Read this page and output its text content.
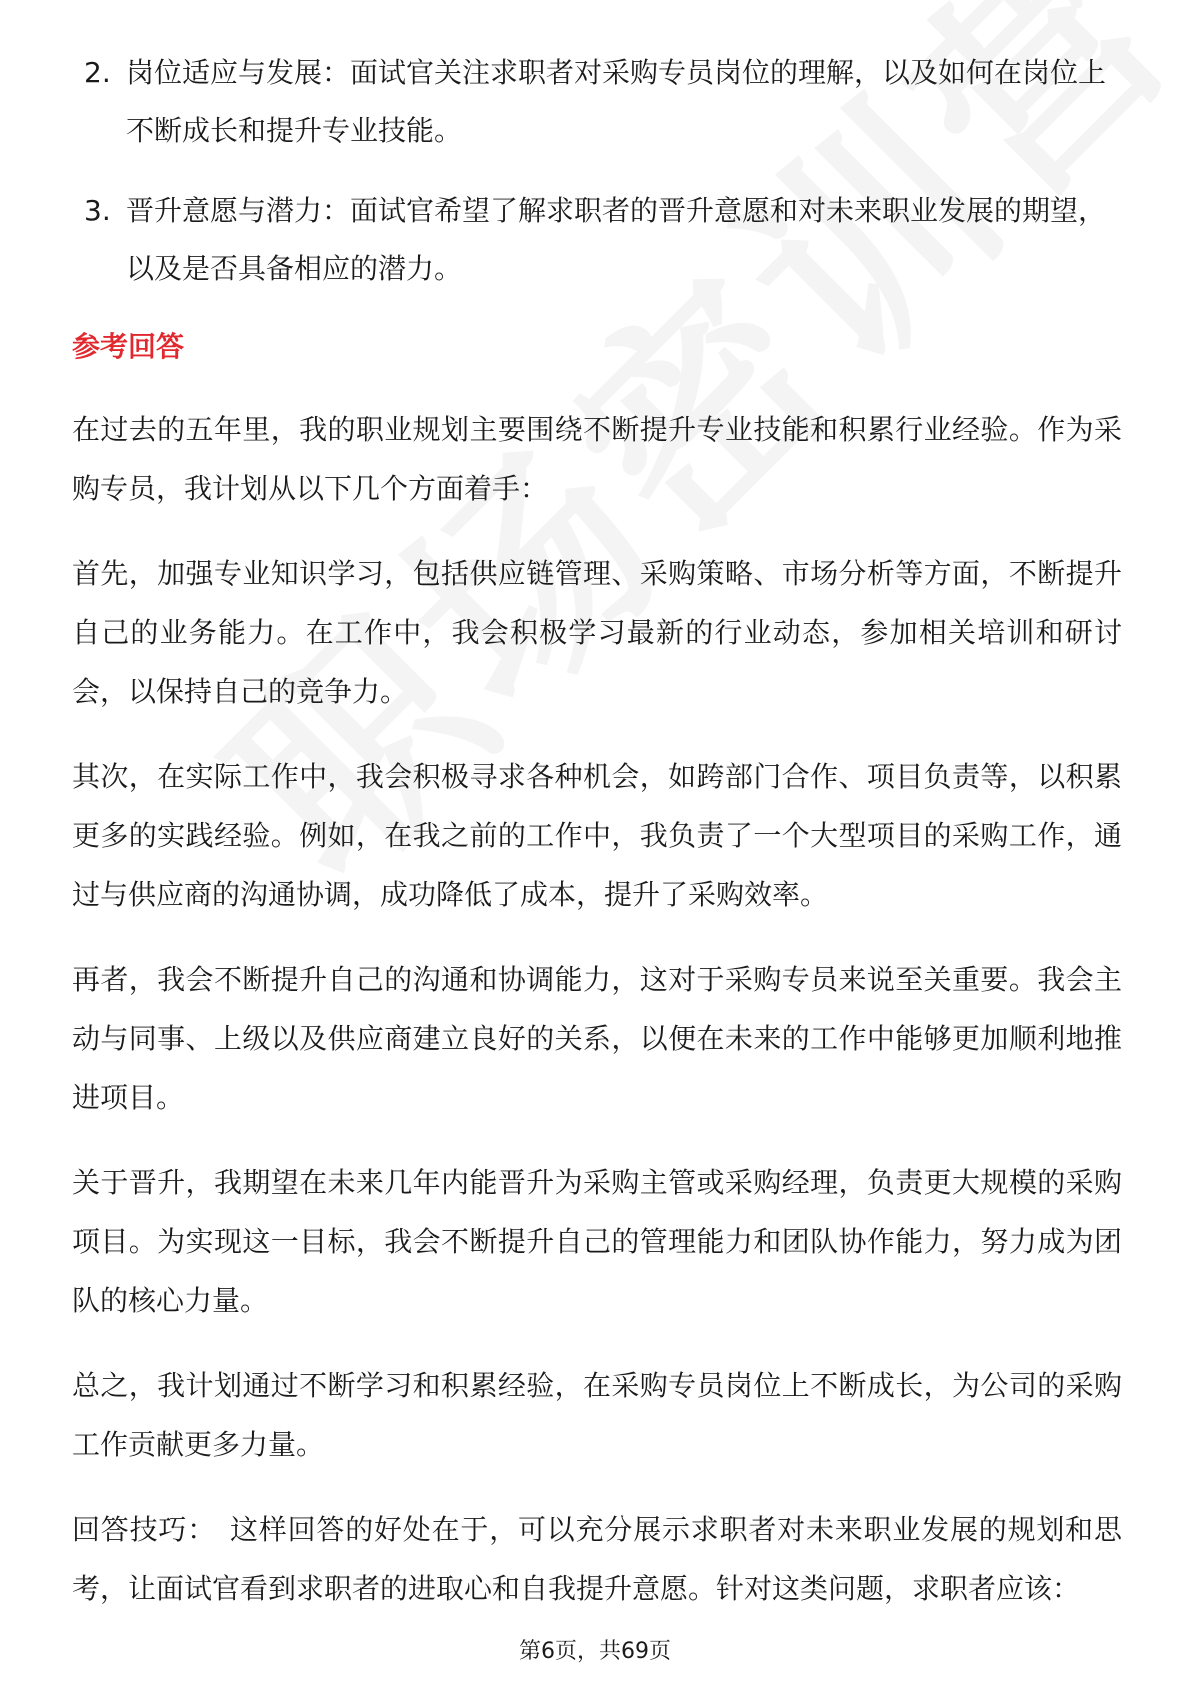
2. 岗位适应与发展：面试官关注求职者对采购专员岗位的理解，以及如何在岗位上不断成长和提升专业技能。
3. 晋升意愿与潜力：面试官希望了解求职者的晋升意愿和对未来职业发展的期望，以及是否具备相应的潜力。
参考回答

在过去的五年里，我的职业规划主要围绕不断提升专业技能和积累行业经验。作为采购专员，我计划从以下几个方面着手：

首先，加强专业知识学习，包括供应链管理、采购策略、市场分析等方面，不断提升自己的业务能力。在工作中，我会积极学习最新的行业动态，参加相关培训和研讨会，以保持自己的竞争力。

其次，在实际工作中，我会积极寻求各种机会，如跨部门合作、项目负责等，以积累更多的实践经验。例如，在我之前的工作中，我负责了一个大型项目的采购工作，通过与供应商的沟通协调，成功降低了成本，提升了采购效率。

再者，我会不断提升自己的沟通和协调能力，这对于采购专员来说至关重要。我会主动与同事、上级以及供应商建立良好的关系，以便在未来的工作中能够更加顺利地推进项目。

关于晋升，我期望在未来几年内能晋升为采购主管或采购经理，负责更大规模的采购项目。为实现这一目标，我会不断提升自己的管理能力和团队协作能力，努力成为团队的核心力量。

总之，我计划通过不断学习和积累经验，在采购专员岗位上不断成长，为公司的采购工作贡献更多力量。

回答技巧： 这样回答的好处在于，可以充分展示求职者对未来职业发展的规划和思考，让面试官看到求职者的进取心和自我提升意愿。针对这类问题，求职者应该：

第6页，共69页
